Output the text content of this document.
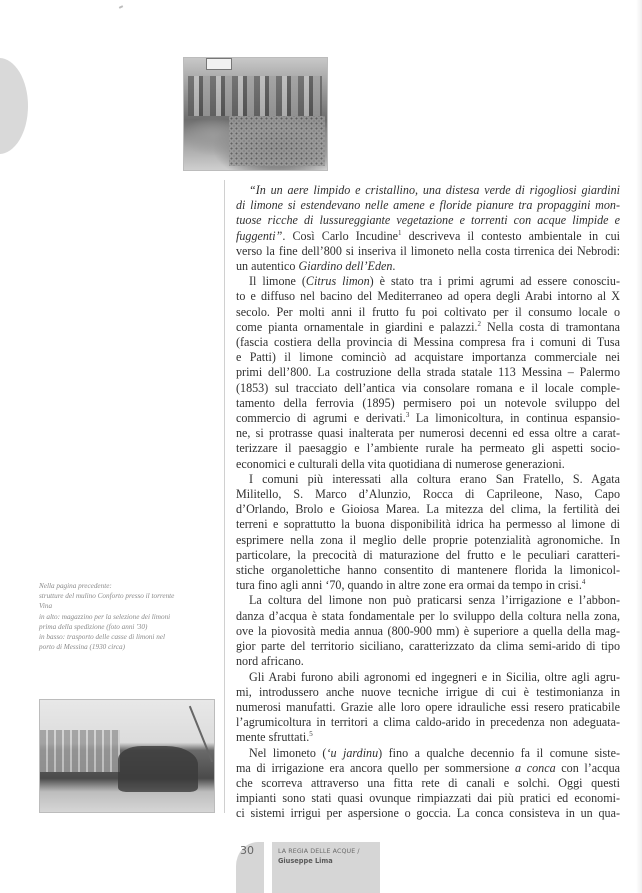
Nella pagina precedente:
strutture del mulino Conforto presso il torrente
Vina
in alto: magazzino per la selezione dei limoni
prima della spedizione (foto anni '30)
in basso: trasporto delle casse di limoni nel
porto di Messina (1930 circa)

“In un aere limpido e cristallino, una distesa verde di rigogliosi giardini
di limone si estendevano nelle amene e floride pianure tra propaggini mon-
tuose ricche di lussureggiante vegetazione e torrenti con acque limpide e
fuggenti”. Così Carlo Incudine$^1$ descriveva il contesto ambientale in cui
verso la fine dell’800 si inseriva il limoneto nella costa tirrenica dei Nebrodi:
un autentico Giardino dell’Eden.

Il limone (Citrus limon) è stato tra i primi agrumi ad essere conosciu-
to e diffuso nel bacino del Mediterraneo ad opera degli Arabi intorno al X
secolo. Per molti anni il frutto fu poi coltivato per il consumo locale o
come pianta ornamentale in giardini e palazzi.$^2$ Nella costa di tramontana
(fascia costiera della provincia di Messina compresa fra i comuni di Tusa
e Patti) il limone cominciò ad acquistare importanza commerciale nei
primi dell’800. La costruzione della strada statale 113 Messina – Palermo
(1853) sul tracciato dell’antica via consolare romana e il locale comple-
tamento della ferrovia (1895) permisero poi un notevole sviluppo del
commercio di agrumi e derivati.$^3$ La limonicoltura, in continua espansio-
ne, si protrasse quasi inalterata per numerosi decenni ed essa oltre a carat-
terizzare il paesaggio e l’ambiente rurale ha permeato gli aspetti socio-
economici e culturali della vita quotidiana di numerose generazioni.

I comuni più interessati alla coltura erano San Fratello, S. Agata
Militello, S. Marco d’Alunzio, Rocca di Caprileone, Naso, Capo
d’Orlando, Brolo e Gioiosa Marea. La mitezza del clima, la fertilità dei
terreni e soprattutto la buona disponibilità idrica ha permesso al limone di
esprimere nella zona il meglio delle proprie potenzialità agronomiche. In
particolare, la precocità di maturazione del frutto e le peculiari caratteri-
stiche organolettiche hanno consentito di mantenere florida la limonicol-
tura fino agli anni ‘70, quando in altre zone era ormai da tempo in crisi.$^4$

La coltura del limone non può praticarsi senza l’irrigazione e l’abbon-
danza d’acqua è stata fondamentale per lo sviluppo della coltura nella zona,
ove la piovosità media annua (800-900 mm) è superiore a quella della mag-
gior parte del territorio siciliano, caratterizzato da clima semi-arido di tipo
nord africano.

Gli Arabi furono abili agronomi ed ingegneri e in Sicilia, oltre agli agru-
mi, introdussero anche nuove tecniche irrigue di cui è testimonianza in
numerosi manufatti. Grazie alle loro opere idrauliche essi resero praticabile
l’agrumicoltura in territori a clima caldo-arido in precedenza non adeguata-
mente sfruttati.$^5$

Nel limoneto (‘u jardinu) fino a qualche decennio fa il comune siste-
ma di irrigazione era ancora quello per sommersione a conca con l’acqua
che scorreva attraverso una fitta rete di canali e solchi. Oggi questi
impianti sono stati quasi ovunque rimpiazzati dai più pratici ed economi-
ci sistemi irrigui per aspersione o goccia. La conca consisteva in un qua-

30	LA REGIA DELLE ACQUE /
Giuseppe Lima
